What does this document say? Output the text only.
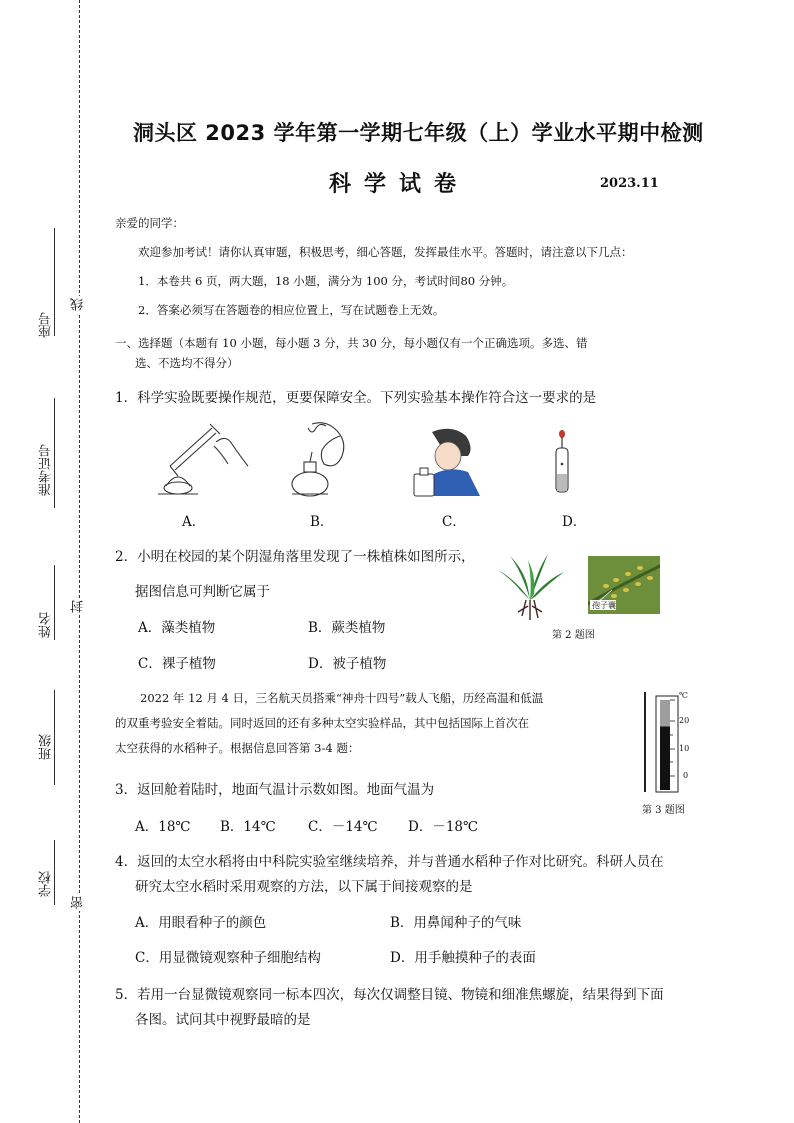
座号
准考证号
姓名
班级
学校
线
封
密
洞头区 2023 学年第一学期七年级（上）学业水平期中检测
科学试卷	2023.11
亲爱的同学：
欢迎参加考试！请你认真审题，积极思考，细心答题，发挥最佳水平。答题时，请注意以下几点：
1．本卷共 6 页，两大题，18 小题，满分为 100 分，考试时间80 分钟。
2．答案必须写在答题卷的相应位置上，写在试题卷上无效。
一、选择题（本题有 10 小题，每小题 3 分，共 30 分，每小题仅有一个正确选项。多选、错
选、不选均不得分）
1．科学实验既要操作规范，更要保障安全。下列实验基本操作符合这一要求的是
A．	B．	C．	D．
2．小明在校园的某个阴湿角落里发现了一株植株如图所示，
据图信息可判断它属于
A．藻类植物	B．蕨类植物
C．裸子植物	D．被子植物
孢子囊
第 2 题图
2022 年 12 月 4 日，三名航天员搭乘“神舟十四号”载人飞船，历经高温和低温
的双重考验安全着陆。同时返回的还有多种太空实验样品，其中包括国际上首次在
太空获得的水稻种子。根据信息回答第 3-4 题：
℃
20
10
0
第 3 题图
3．返回舱着陆时，地面气温计示数如图。地面气温为
A．18℃ B．14℃ C．－14℃ D．－18℃
4．返回的太空水稻将由中科院实验室继续培养，并与普通水稻种子作对比研究。科研人员在
研究太空水稻时采用观察的方法，以下属于间接观察的是
A．用眼看种子的颜色	B．用鼻闻种子的气味
C．用显微镜观察种子细胞结构	D．用手触摸种子的表面
5．若用一台显微镜观察同一标本四次，每次仅调整目镜、物镜和细准焦螺旋，结果得到下面
各图。试问其中视野最暗的是
